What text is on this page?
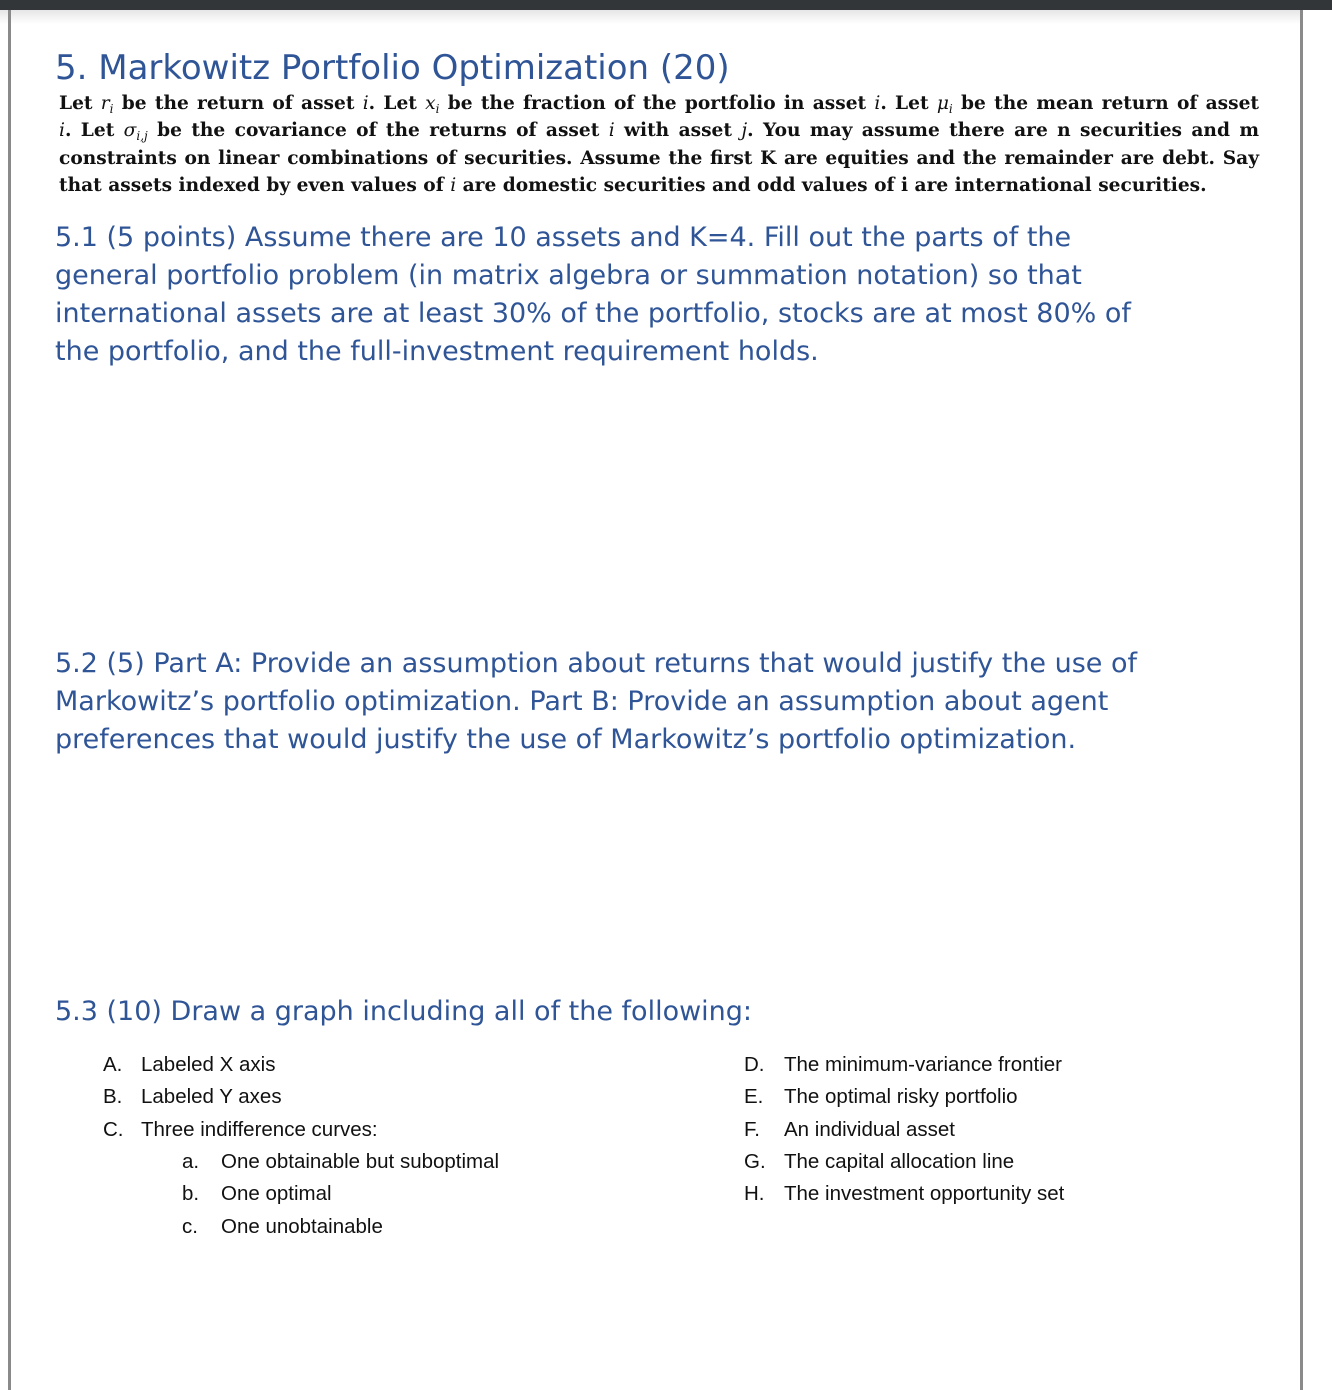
5. Markowitz Portfolio Optimization (20)
Let $r_i$ be the return of asset i. Let $x_i$ be the fraction of the portfolio in asset i. Let $\mu_i$ be the mean return of asset
i. Let $\sigma_{i,j}$ be the covariance of the returns of asset i with asset j. You may assume there are n securities and m
constraints on linear combinations of securities. Assume the first K are equities and the remainder are debt. Say
that assets indexed by even values of i are domestic securities and odd values of i are international securities.
5.1 (5 points) Assume there are 10 assets and K=4. Fill out the parts of the
general portfolio problem (in matrix algebra or summation notation) so that
international assets are at least 30% of the portfolio, stocks are at most 80% of
the portfolio, and the full-investment requirement holds.
5.2 (5) Part A: Provide an assumption about returns that would justify the use of
Markowitz’s portfolio optimization. Part B: Provide an assumption about agent
preferences that would justify the use of Markowitz’s portfolio optimization.
5.3 (10) Draw a graph including all of the following:
A. Labeled X axis
B. Labeled Y axes
C. Three indifference curves:
a. One obtainable but suboptimal
b. One optimal
c. One unobtainable
D. The minimum-variance frontier
E. The optimal risky portfolio
F. An individual asset
G. The capital allocation line
H. The investment opportunity set
